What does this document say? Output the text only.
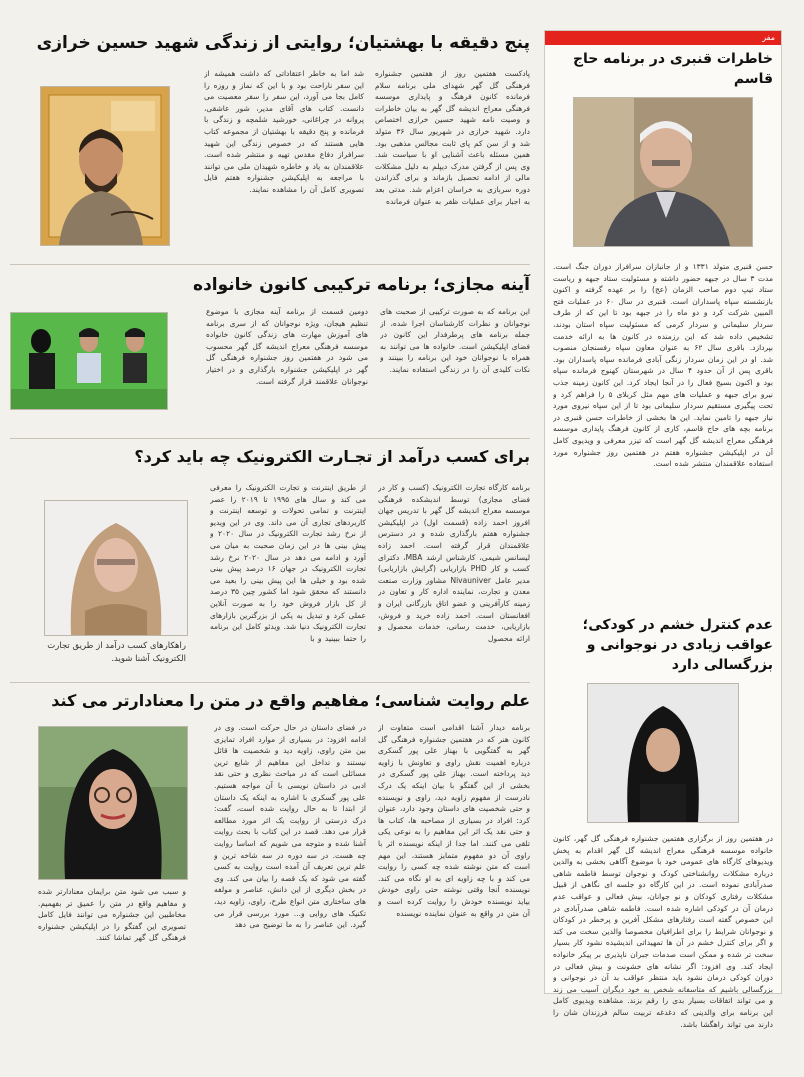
مفر
خاطرات قنبری در برنامه حاج قاسم

حسن قنبری متولد ۱۳۳۱ و از جانبازان سرافراز دوران جنگ است. مدت ۳ سال در جبهه حضور داشته و مسئولیت ستاد جبهه و ریاست ستاد تیپ دوم صاحب الزمان (عج) را بر عهده گرفته و اکنون بازنشسته سپاه پاسداران است. قنبری در سال ۶۰ در عملیات فتح المبین شرکت کرد و دو ماه را در جبهه بود تا این که از طرف سردار سلیمانی و سردار کرمی که مسئولیت سپاه استان بودند، تشخیص داده شد که این رزمنده در کانون ها به ارائه خدمت بپردازد. باقری سال ۶۲ به عنوان معاون سپاه رفسنجان منصوب شد. او در این زمان سردار زنگی آبادی فرمانده سپاه پاسداران بود. باقری پس از آن حدود ۴ سال در شهرستان کهنوج فرمانده سپاه بود و اکنون بسیج فعال را در آنجا ایجاد کرد. این کانون زمینه جذب نیرو برای جبهه و عملیات های مهم مثل کربلای ۵ را فراهم کرد و تحت پیگیری مستقیم سردار سلیمانی بود تا از این سپاه نیروی مورد نیاز جبهه را تامین نماید. این ها بخشی از خاطرات حسن قنبری در برنامه بچه های حاج قاسم، کاری از کانون فرهنگ پایداری موسسه فرهنگی معراج اندیشه گل گهر است که تیزر معرفی و ویدیوی کامل آن در اپلیکیشن جشنواره هفتم در هفتمین روز جشنواره مورد استفاده علاقمندان منتشر شده است.

عدم کنترل خشم در کودکی؛ عواقب زیادی در نوجوانی و بزرگسالی دارد

در هفتمین روز از برگزاری هفتمین جشنواره فرهنگی گل گهر، کانون خانواده موسسه فرهنگی معراج اندیشه گل گهر اقدام به پخش ویدیوهای کارگاه های عمومی خود با موضوع آگاهی بخشی به والدین درباره مشکلات روانشناختی کودک و نوجوان توسط فاطمه شاهی صدرآبادی نموده است. در این کارگاه دو جلسه ای نگاهی از قبیل مشکلات رفتاری کودکان و نو جوانان، بیش فعالی و عواقب عدم درمان آن در کودکی اشاره شده است. فاطمه شاهی صدرآبادی در این خصوص گفته است رفتارهای مشکل آفرین و پرخطر در کودکان و نوجوانان شرایط را برای اطرافیان مخصوصا والدین سخت می کند و اگر برای کنترل خشم در آن ها تمهیداتی اندیشیده نشود کار بسیار سخت تر شده و ممکن است صدمات جبران ناپذیری بر پیکر خانواده ایجاد کند. وی افزود: اگر نشانه های خشونت و بیش فعالی در دوران کودکی درمان نشود باید منتظر عواقب بد آن در نوجوانی و بزرگسالی باشیم که متاسفانه شخص به خود دیگران آسیب می زند و می تواند اتفاقات بسیار بدی را رقم بزند. مشاهده ویدیوی کامل این برنامه برای والدینی که دغدغه تربیت سالم فرزندان شان را دارند می تواند راهگشا باشد.

پنج دقیقه با بهشتیان؛ روایتی از زندگی شهید حسین خرازی

پادکست هفتمین روز از هفتمین جشنواره فرهنگی گل گهر شهدای ملی برنامه سلام فرمانده کانون فرهنگ و پایداری موسسه فرهنگی معراج اندیشه گل گهر به بیان خاطرات و وصیت نامه شهید حسین خرازی اختصاص دارد. شهید خرازی در شهریور سال ۳۶ متولد شد و از سن کم پای ثابت مجالس مذهبی بود. همین مسئله باعث آشنایی او با سیاست شد. وی پس از گرفتن مدرک دیپلم به دلیل مشکلات مالی از ادامه تحصیل بازماند و برای گذراندن دوره سربازی به خراسان اعزام شد. مدتی بعد به اجبار برای عملیات ظفر به عنوان فرمانده

شد اما به خاطر اعتقاداتی که داشت همیشه از این سفر ناراحت بود و با این که نماز و روزه را کامل بجا می آورد، این سفر را سفر معصیت می دانست. کتاب های آقای مدیر، شور عاشقی، پروانه در چراغانی، خورشید شلمچه و زندگی با فرمانده و پنج دقیقه با بهشتیان از مجموعه کتاب هایی هستند که در خصوص زندگی این شهید سرافراز دفاع مقدس تهیه و منتشر شده است. علاقمندان به یاد و خاطره شهیدان ملی می توانند با مراجعه به اپلیکیشن جشنواره هفتم فایل تصویری کامل آن را مشاهده نمایند.

آینه مجازی؛ برنامه ترکیبی کانون خانواده

این برنامه که به صورت ترکیبی از صحبت های نوجوانان و نظرات کارشناسان اجرا شده، از جمله برنامه های پرطرفدار این کانون در فضای اپلیکیشن است. خانواده ها می توانند به همراه با نوجوانان خود این برنامه را ببینند و نکات کلیدی آن را در زندگی استفاده نمایند.

دومین قسمت از برنامه آینه مجازی با موضوع تنظیم هیجان، ویژه نوجوانان که از سری برنامه های آموزش مهارت های زندگی کانون خانواده موسسه فرهنگی معراج اندیشه گل گهر محسوب می شود در هفتمین روز جشنواره فرهنگی گل گهر در اپلیکیشن جشنواره بارگذاری و در اختیار نوجوانان علاقمند قرار گرفته است.

برای کسب درآمد از تجـارت الکترونیک چه باید کرد؟

برنامه کارگاه تجارت الکترونیک (کسب و کار در فضای مجازی) توسط اندیشکده فرهنگی موسسه معراج اندیشه گل گهر با تدریس جهان افروز احمد زاده (قسمت اول) در اپلیکیشن جشنواره هفتم بارگذاری شده و در دسترس علاقمندان قرار گرفته است. احمد زاده لیسانس شیمی، کارشناس ارشد MBA، دکترای کسب و کار PHD بازاریابی (گرایش بازاریابی) مدیر عامل Nivauniver مشاور وزارت صنعت معدن و تجارت، نماینده اداره کار و تعاون در زمینه کارآفرینی و عضو اتاق بازرگانی ایران و افغانستان است. احمد زاده خرید و فروش، بازاریابی، خدمت رسانی، خدمات محصول و ارائه محصول

از طریق اینترنت و تجارت الکترونیک را معرفی می کند و سال های ۱۹۹۵ تا ۲۰۱۹ را عصر اینترنت و تمامی تحولات و توسعه اینترنت و کاربردهای تجاری آن می داند. وی در این ویدیو از نرخ رشد تجارت الکترونیک در سال ۲۰۲۰ و پیش بینی ها در این زمان صحبت به میان می آورد و ادامه می دهد در سال ۲۰۲۰ نرخ رشد تجارت الکترونیک در جهان ۱۶ درصد پیش بینی شده بود و خیلی ها این پیش بینی را بعید می دانستند که محقق شود اما کشور چین ۳۵ درصد از کل بازار فروش خود را به صورت آنلاین عملی کرد و تبدیل به یکی از بزرگترین بازارهای تجارت الکترونیک دنیا شد. ویدئو کامل این برنامه را حتما ببینید و با

راهکارهای کسب درآمد از طریق تجارت الکترونیک آشنا شوید.

علم روایت شناسی؛ مفاهیم واقع در متن را معنادارتر می کند

برنامه دیدار آشنا اقدامی است متفاوت از کانون هنر که در هفتمین جشنواره فرهنگی گل گهر به گفتگویی با بهناز علی پور گسکری درباره اهمیت نقش راوی و تعاونش با زاویه دید پرداخته است. بهناز علی پور گسکری در بخشی از این گفتگو با بیان اینکه یک درک نادرست از مفهوم زاویه دید، راوی و نویسنده و حتی شخصیت های داستان وجود دارد، عنوان کرد: افراد در بسیاری از مصاحبه ها، کتاب ها و حتی نقد یک اثر این مفاهیم را به نوعی یکی تلقی می کنند. اما جدا از اینکه نویسنده اثر با راوی آن دو مفهوم متمایز هستند، این مهم است که متن نوشته شده چه کسی را روایت می کند و با چه زاویه ای به او نگاه می کند. نویسنده آنجا وقتی نوشته حتی راوی خودش بیاید نویسنده خودش را روایت کرده است و آن متن در واقع به عنوان نماینده نویسنده

در فضای داستان در حال حرکت است. وی در ادامه افزود: در بسیاری از موارد افراد تمایزی بین متن راوی، زاویه دید و شخصیت ها قائل نیستند و تداخل این مفاهیم از شایع ترین مسائلی است که در مباحث نظری و حتی نقد ادبی در داستان نویسی با آن مواجه هستیم. علی پور گسکری با اشاره به اینکه یک داستان از ابتدا تا به حال روایت شده است، گفت: درک درستی از روایت یک اثر مورد مطالعه قرار می دهد. قصد در این کتاب با بحث روایت آشنا شده و متوجه می شویم که اساسا روایت چه هست. در سه دوره در سه شاخه ترین و علم ترین تعریف آن آمده است روایت به کسی گفته می شود که یک قصه را بیان می کند. وی در بخش دیگری از این دانش، عناصر و مولفه های ساختاری متن انواع طرح، راوی، زاویه دید، تکنیک های روایی و... مورد بررسی قرار می گیرد. این عناصر را به ما توضیح می دهد

و سبب می شود متن برایمان معنادارتر شده و مفاهیم واقع در متن را عمیق تر بفهمیم. مخاطبین این جشنواره می توانند فایل کامل تصویری این گفتگو را در اپلیکیشن جشنواره فرهنگی گل گهر تماشا کنند.
